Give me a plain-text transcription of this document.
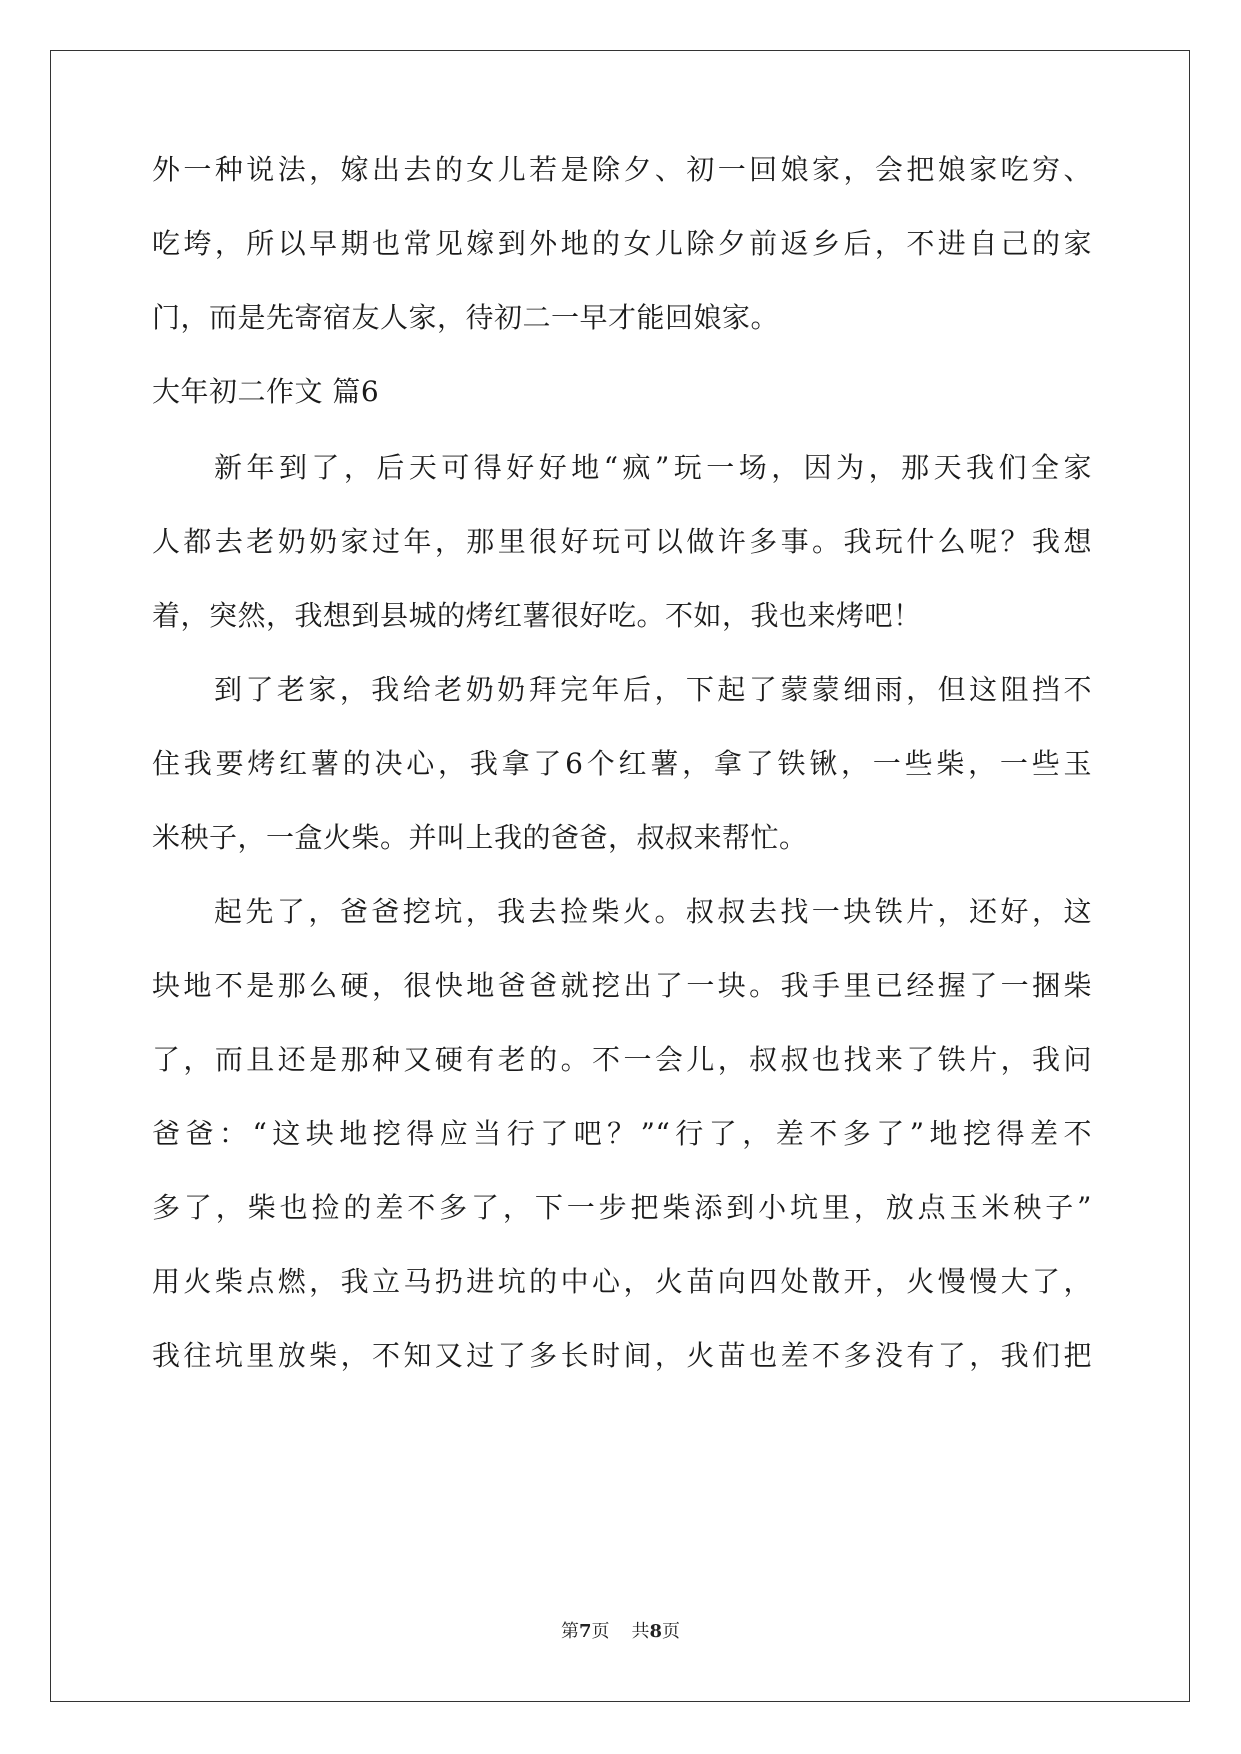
外一种说法，嫁出去的女儿若是除夕、初一回娘家，会把娘家吃穷、
吃垮，所以早期也常见嫁到外地的女儿除夕前返乡后，不进自己的家
门，而是先寄宿友人家，待初二一早才能回娘家。
大年初二作文 篇6
新年到了，后天可得好好地“疯”玩一场，因为，那天我们全家
人都去老奶奶家过年，那里很好玩可以做许多事。我玩什么呢？我想
着，突然，我想到县城的烤红薯很好吃。不如，我也来烤吧！
到了老家，我给老奶奶拜完年后，下起了蒙蒙细雨，但这阻挡不
住我要烤红薯的决心，我拿了6个红薯，拿了铁锹，一些柴，一些玉
米秧子，一盒火柴。并叫上我的爸爸，叔叔来帮忙。
起先了，爸爸挖坑，我去捡柴火。叔叔去找一块铁片，还好，这
块地不是那么硬，很快地爸爸就挖出了一块。我手里已经握了一捆柴
了，而且还是那种又硬有老的。不一会儿，叔叔也找来了铁片，我问
爸爸：“这块地挖得应当行了吧？”“行了，差不多了”地挖得差不
多了，柴也捡的差不多了，下一步把柴添到小坑里，放点玉米秧子”
用火柴点燃，我立马扔进坑的中心，火苗向四处散开，火慢慢大了，
我往坑里放柴，不知又过了多长时间，火苗也差不多没有了，我们把
第7页 共8页
